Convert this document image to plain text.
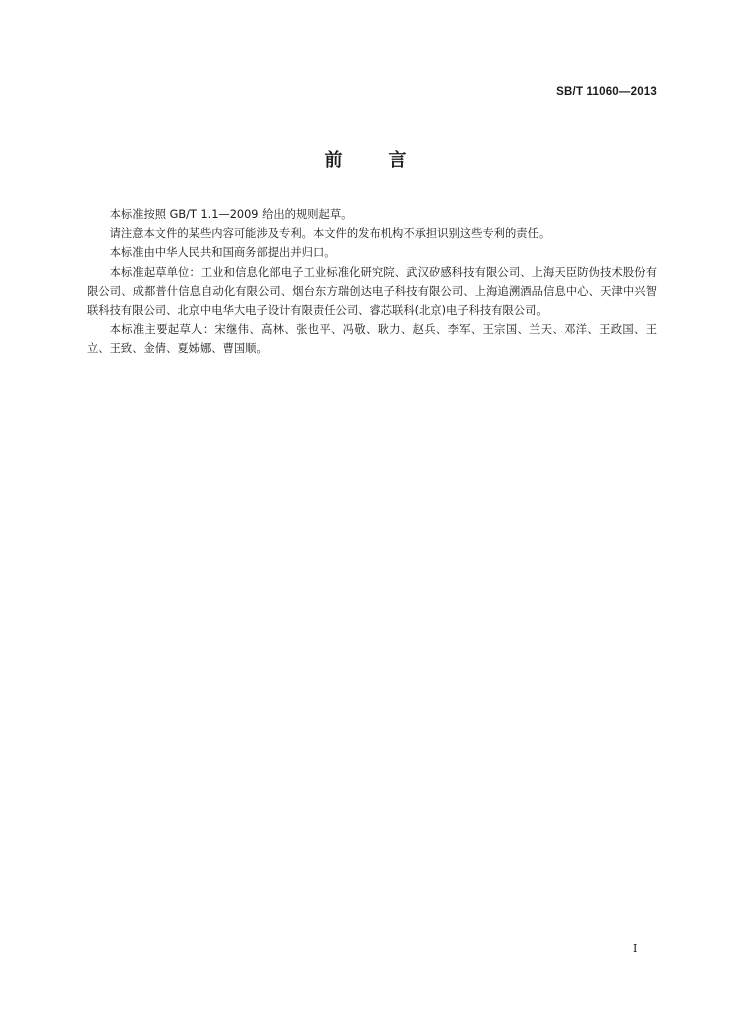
SB/T 11060—2013
前	言

本标准按照 GB/T 1.1—2009 给出的规则起草。

请注意本文件的某些内容可能涉及专利。本文件的发布机构不承担识别这些专利的责任。

本标准由中华人民共和国商务部提出并归口。

本标准起草单位：工业和信息化部电子工业标准化研究院、武汉矽感科技有限公司、上海天臣防伪技术股份有限公司、成都普什信息自动化有限公司、烟台东方瑞创达电子科技有限公司、上海追溯酒品信息中心、天津中兴智联科技有限公司、北京中电华大电子设计有限责任公司、睿芯联科(北京)电子科技有限公司。

本标准主要起草人：宋继伟、高林、张也平、冯敬、耿力、赵兵、李军、王宗国、兰天、邓洋、王政国、王立、王致、金倩、夏姊娜、曹国顺。

I
